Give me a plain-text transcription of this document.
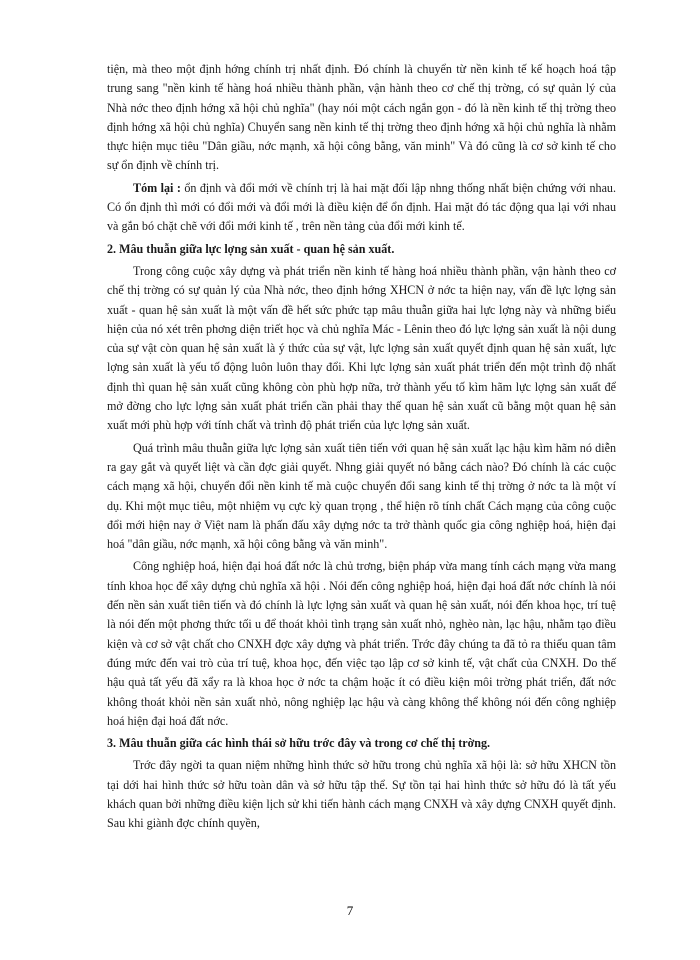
tiện, mà theo một định hớng chính trị nhất định. Đó chính là chuyển từ nền kinh tế kế hoạch hoá tập trung sang "nền kinh tế hàng hoá nhiều thành phần, vận hành theo cơ chế thị trờng, có sự quản lý của Nhà nớc theo định hớng xã hội chủ nghĩa" (hay nói một cách ngắn gọn - đó là nền kinh tế thị trờng theo định hớng xã hội chủ nghĩa) Chuyển sang nền kinh tế thị trờng theo định hớng xã hội chủ nghĩa là nhằm thực hiện mục tiêu "Dân giầu, nớc mạnh, xã hội công bằng, văn minh" Và đó cũng là cơ sở kinh tế cho sự ổn định về chính trị.

Tóm lại : ổn định và đổi mới về chính trị là hai mặt đối lập nhng thống nhất biện chứng với nhau. Có ổn định thì mới có đổi mới và đổi mới là điều kiện để ổn định. Hai mặt đó tác động qua lại với nhau và gắn bó chặt chẽ với đổi mới kinh tế , trên nền tảng của đổi mới kinh tế.

2. Mâu thuẫn giữa lực lợng sản xuất - quan hệ sản xuất.

Trong công cuộc xây dựng và phát triển nền kinh tế hàng hoá nhiều thành phần, vận hành theo cơ chế thị trờng có sự quản lý của Nhà nớc, theo định hớng XHCN ở nớc ta hiện nay, vấn đề lực lợng sản xuất - quan hệ sản xuất là một vấn đề hết sức phức tạp mâu thuẫn giữa hai lực lợng này và những biểu hiện của nó xét trên phơng diện triết học và chủ nghĩa Mác - Lênin theo đó lực lợng sản xuất là nội dung của sự vật còn quan hệ sản xuất là ý thức của sự vật, lực lợng sản xuất quyết định quan hệ sản xuất, lực lợng sản xuất là yếu tố động luôn luôn thay đổi. Khi lực lợng sản xuất phát triển đến một trình độ nhất định thì quan hệ sản xuất cũng không còn phù hợp nữa, trở thành yếu tố kìm hãm lực lợng sản xuất để mở đờng cho lực lợng sản xuất phát triển cần phải thay thế quan hệ sản xuất cũ bằng một quan hệ sản xuất mới phù hợp với tính chất và trình độ phát triển của lực lợng sản xuất.

Quá trình mâu thuẫn giữa lực lợng sản xuất tiên tiến với quan hệ sản xuất lạc hậu kìm hãm nó diễn ra gay gắt và quyết liệt và cần đợc giải quyết. Nhng giải quyết nó bằng cách nào? Đó chính là các cuộc cách mạng xã hội, chuyển đổi nền kinh tế mà cuộc chuyển đổi sang kinh tế thị trờng ở nớc ta là một ví dụ. Khi một mục tiêu, một nhiệm vụ cực kỳ quan trọng , thể hiện rõ tính chất Cách mạng của công cuộc đổi mới hiện nay ở Việt nam là phấn đấu xây dựng nớc ta trở thành quốc gia công nghiệp hoá, hiện đại hoá "dân giầu, nớc mạnh, xã hội công bằng và văn minh".

Công nghiệp hoá, hiện đại hoá đất nớc là chủ trơng, biện pháp vừa mang tính cách mạng vừa mang tính khoa học để xây dựng chủ nghĩa xã hội . Nói đến công nghiệp hoá, hiện đại hoá đất nớc chính là nói đến nền sản xuất tiên tiến và đó chính là lực lợng sản xuất và quan hệ sản xuất, nói đến khoa học, trí tuệ là nói đến một phơng thức tối u để thoát khỏi tình trạng sản xuất nhỏ, nghèo nàn, lạc hậu, nhằm tạo điều kiện và cơ sở vật chất cho CNXH đợc xây dựng và phát triển. Trớc đây chúng ta đã tỏ ra thiếu quan tâm đúng mức đến vai trò của trí tuệ, khoa học, đến việc tạo lập cơ sở kinh tế, vật chất của CNXH. Do thế hậu quả tất yếu đã xẩy ra là khoa học ở nớc ta chậm hoặc ít có điều kiện môi trờng phát triển, đất nớc không thoát khỏi nền sản xuất nhỏ, nông nghiệp lạc hậu và càng không thể không nói đến công nghiệp hoá hiện đại hoá đất nớc.

3. Mâu thuẫn giữa các hình thái sở hữu trớc đây và trong cơ chế thị trờng.

Trớc đây ngời ta quan niệm những hình thức sở hữu trong chủ nghĩa xã hội là: sở hữu XHCN tồn tại dới hai hình thức sở hữu toàn dân và sở hữu tập thể. Sự tồn tại hai hình thức sở hữu đó là tất yếu khách quan bởi những điều kiện lịch sử khi tiến hành cách mạng CNXH và xây dựng CNXH quyết định. Sau khi giành đợc chính quyền,

7
